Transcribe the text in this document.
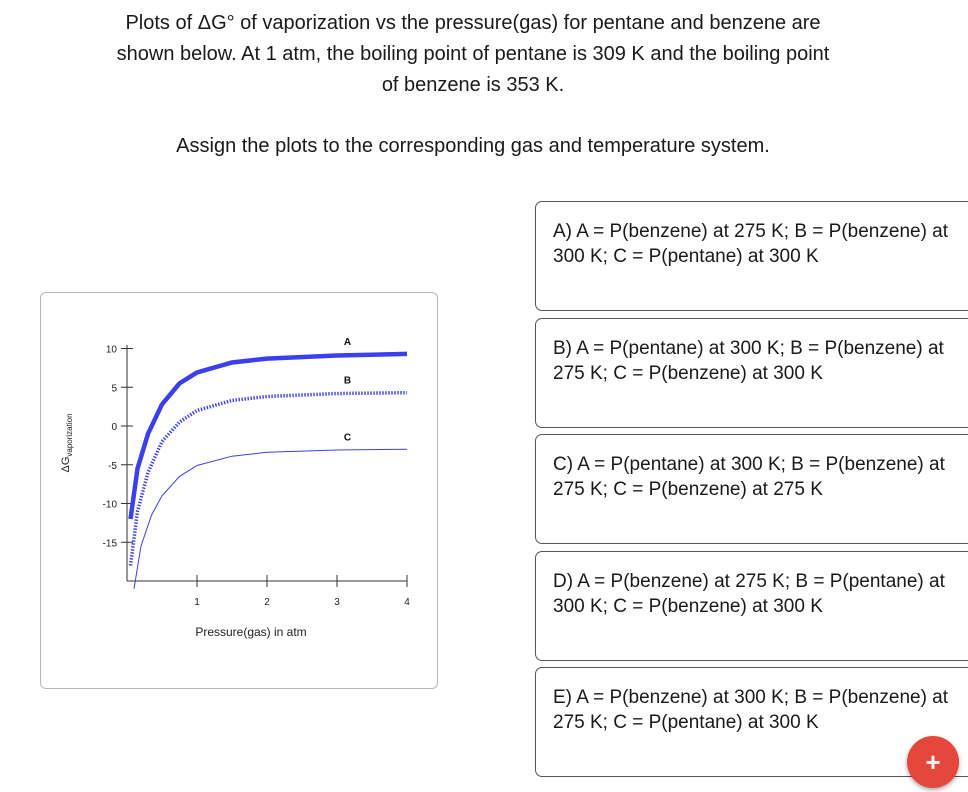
Plots of ΔG° of vaporization vs the pressure(gas) for pentane and benzene are
shown below. At 1 atm, the boiling point of pentane is 309 K and the boiling point
of benzene is 353 K.
Assign the plots to the corresponding gas and temperature system.
10
5
0
-5
-10
-15
1	2	3	4
Pressure(gas) in atm
$\Delta G_{vaporization}$
A
B
C
A) A = P(benzene) at 275 K; B = P(benzene) at 300 K; C = P(pentane) at 300 K
B) A = P(pentane) at 300 K; B = P(benzene) at 275 K; C = P(benzene) at 300 K
C) A = P(pentane) at 300 K; B = P(benzene) at 275 K; C = P(benzene) at 275 K
D) A = P(benzene) at 275 K; B = P(pentane) at 300 K; C = P(benzene) at 300 K
E) A = P(benzene) at 300 K; B = P(benzene) at 275 K; C = P(pentane) at 300 K
+
